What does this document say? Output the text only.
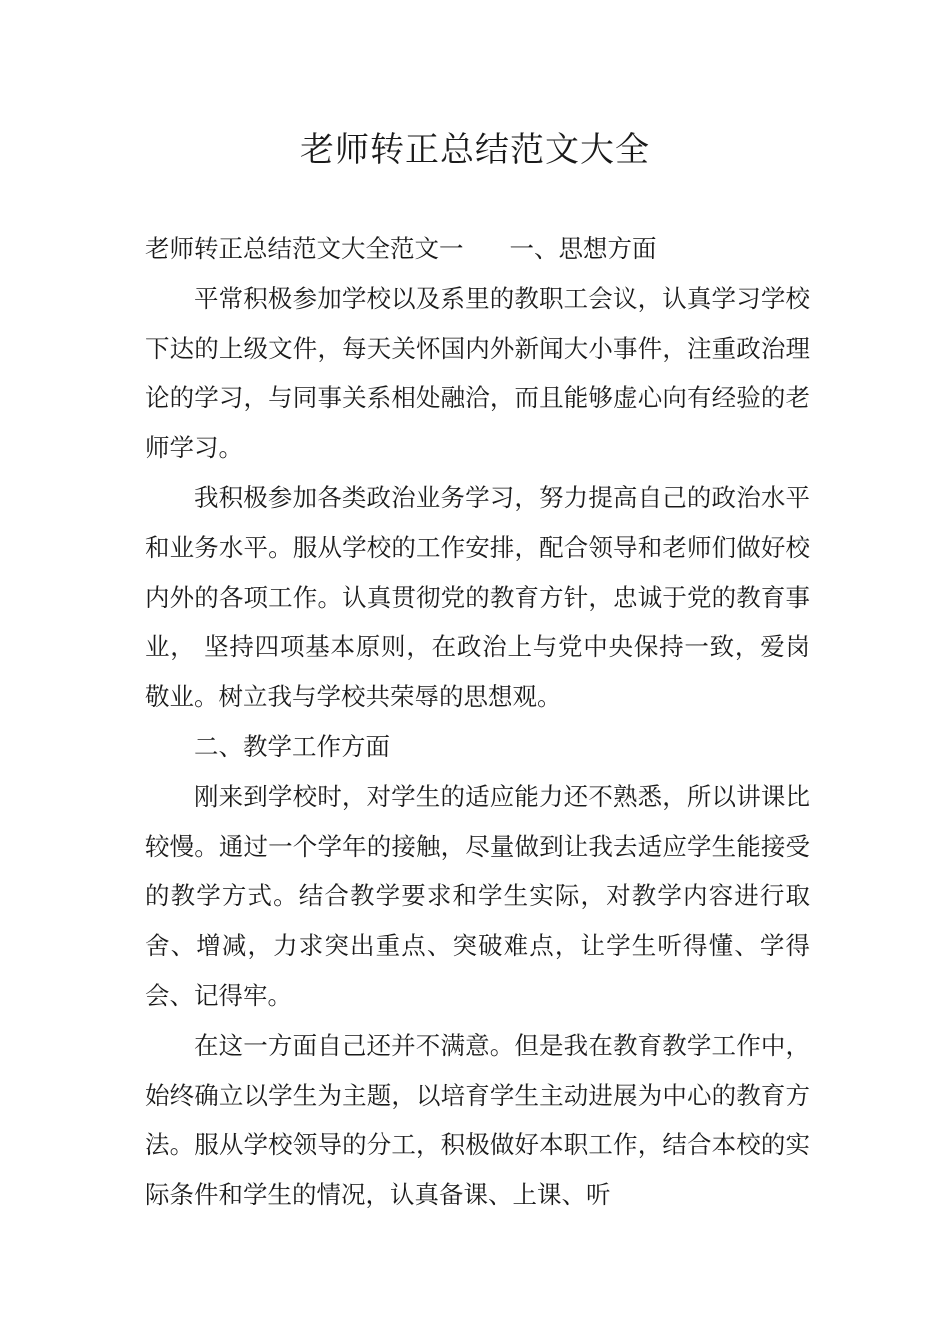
老师转正总结范文大全

老师转正总结范文大全范文一 一、思想方面

平常积极参加学校以及系里的教职工会议，认真学习学校下达的上级文件，每天关怀国内外新闻大小事件，注重政治理论的学习，与同事关系相处融洽，而且能够虚心向有经验的老师学习。

我积极参加各类政治业务学习，努力提高自己的政治水平和业务水平。服从学校的工作安排，配合领导和老师们做好校内外的各项工作。认真贯彻党的教育方针，忠诚于党的教育事业， 坚持四项基本原则，在政治上与党中央保持一致，爱岗敬业。树立我与学校共荣辱的思想观。

二、教学工作方面

刚来到学校时，对学生的适应能力还不熟悉，所以讲课比较慢。通过一个学年的接触，尽量做到让我去适应学生能接受的教学方式。结合教学要求和学生实际，对教学内容进行取舍、增减，力求突出重点、突破难点，让学生听得懂、学得会、记得牢。

在这一方面自己还并不满意。但是我在教育教学工作中，始终确立以学生为主题，以培育学生主动进展为中心的教育方法。服从学校领导的分工，积极做好本职工作，结合本校的实际条件和学生的情况，认真备课、上课、听
